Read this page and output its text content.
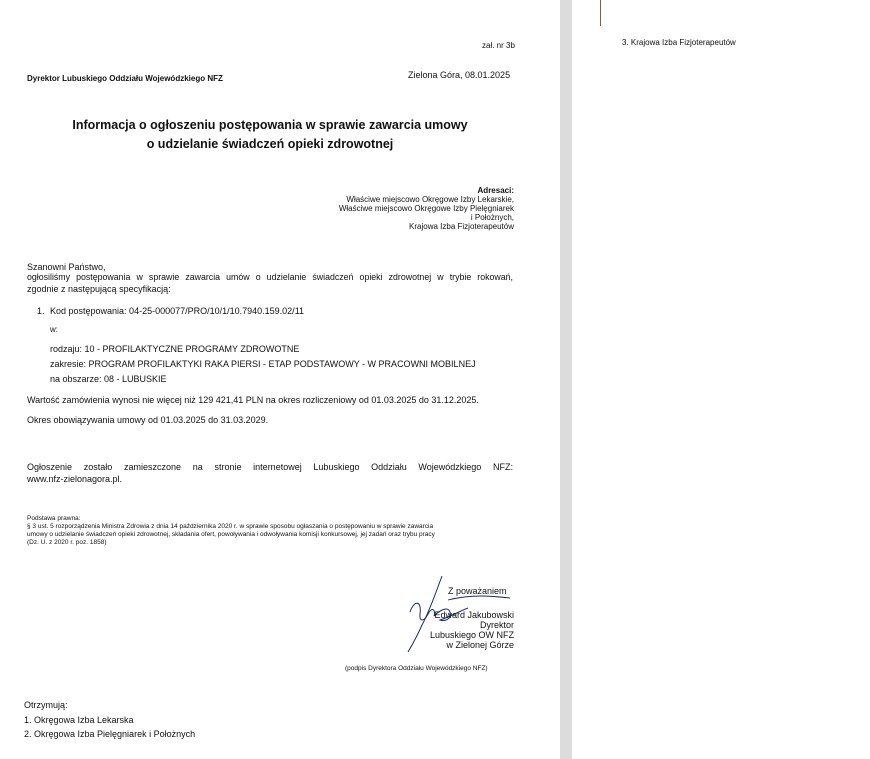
zał. nr 3b
Dyrektor Lubuskiego Oddziału Wojewódzkiego NFZ	Zielona Góra, 08.01.2025
Informacja o ogłoszeniu postępowania w sprawie zawarcia umowy
o udzielanie świadczeń opieki zdrowotnej
Adresaci:
Właściwe miejscowo Okręgowe Izby Lekarskie,
Właściwe miejscowo Okręgowe Izby Pielęgniarek
i Położnych,
Krajowa Izba Fizjoterapeutów
Szanowni Państwo,
ogłosiliśmy postępowania w sprawie zawarcia umów o udzielanie świadczeń opieki zdrowotnej w trybie rokowań,
zgodnie z następującą specyfikacją:
1. Kod postępowania: 04-25-000077/PRO/10/1/10.7940.159.02/11
w:
rodzaju: 10 - PROFILAKTYCZNE PROGRAMY ZDROWOTNE
zakresie: PROGRAM PROFILAKTYKI RAKA PIERSI - ETAP PODSTAWOWY - W PRACOWNI MOBILNEJ
na obszarze: 08 - LUBUSKIE
Wartość zamówienia wynosi nie więcej niż 129 421,41 PLN na okres rozliczeniowy od 01.03.2025 do 31.12.2025.
Okres obowiązywania umowy od 01.03.2025 do 31.03.2029.
Ogłoszenie zostało zamieszczone na stronie internetowej Lubuskiego Oddziału Wojewódzkiego NFZ:
www.nfz-zielonagora.pl.
Podstawa prawna:
§ 3 ust. 5 rozporządzenia Ministra Zdrowia z dnia 14 października 2020 r. w sprawie sposobu ogłaszania o postępowaniu w sprawie zawarcia
umowy o udzielanie świadczeń opieki zdrowotnej, składania ofert, powoływania i odwoływania komisji konkursowej, jej zadań oraz trybu pracy
(Dz. U. z 2020 r. poz. 1858)
Z poważaniem
Edward Jakubowski
Dyrektor
Lubuskiego OW NFZ
w Zielonej Górze
(podpis Dyrektora Oddziału Wojewódzkiego NFZ)
Otrzymują:
1. Okręgowa Izba Lekarska
2. Okręgowa Izba Pielęgniarek i Położnych
3. Krajowa Izba Fizjoterapeutów
